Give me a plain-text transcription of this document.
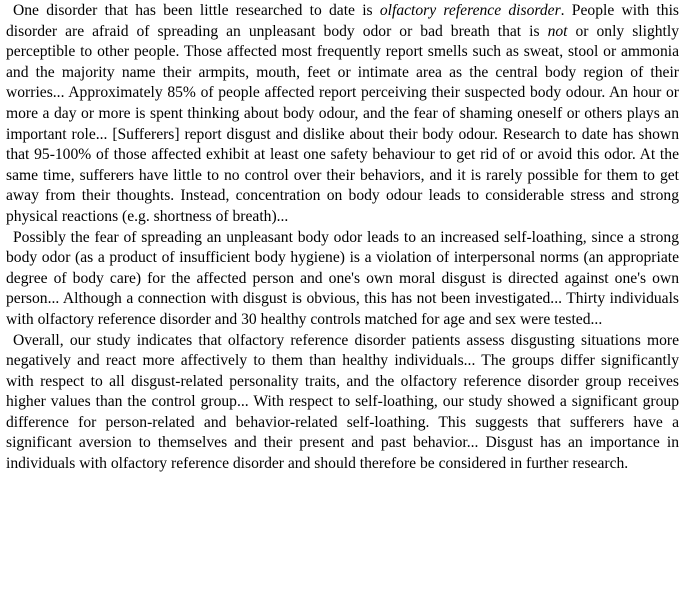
One disorder that has been little researched to date is olfactory reference disorder. People with this disorder are afraid of spreading an unpleasant body odor or bad breath that is not or only slightly perceptible to other people. Those affected most frequently report smells such as sweat, stool or ammonia and the majority name their armpits, mouth, feet or intimate area as the central body region of their worries... Approximately 85% of people affected report perceiving their suspected body odour. An hour or more a day or more is spent thinking about body odour, and the fear of shaming oneself or others plays an important role... [Sufferers] report disgust and dislike about their body odour. Research to date has shown that 95-100% of those affected exhibit at least one safety behaviour to get rid of or avoid this odor. At the same time, sufferers have little to no control over their behaviors, and it is rarely possible for them to get away from their thoughts. Instead, concentration on body odour leads to considerable stress and strong physical reactions (e.g. shortness of breath)...

Possibly the fear of spreading an unpleasant body odor leads to an increased self-loathing, since a strong body odor (as a product of insufficient body hygiene) is a violation of interpersonal norms (an appropriate degree of body care) for the affected person and one's own moral disgust is directed against one's own person... Although a connection with disgust is obvious, this has not been investigated... Thirty individuals with olfactory reference disorder and 30 healthy controls matched for age and sex were tested...

Overall, our study indicates that olfactory reference disorder patients assess disgusting situations more negatively and react more affectively to them than healthy individuals... The groups differ significantly with respect to all disgust-related personality traits, and the olfactory reference disorder group receives higher values than the control group... With respect to self-loathing, our study showed a significant group difference for person-related and behavior-related self-loathing. This suggests that sufferers have a significant aversion to themselves and their present and past behavior... Disgust has an importance in individuals with olfactory reference disorder and should therefore be considered in further research.
